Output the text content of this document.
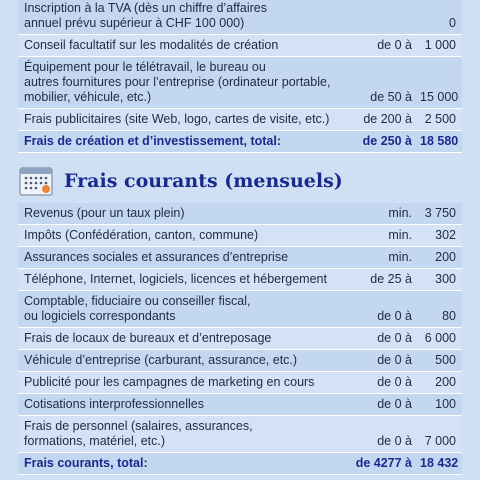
Inscription à la TVA (dès un chiffre d’affaires
annuel prévu supérieur à CHF 100 000)	0
Conseil facultatif sur les modalités de création	de 0 à	1 000
Équipement pour le télétravail, le bureau ou
autres fournitures pour l’entreprise (ordinateur portable,
mobilier, véhicule, etc.)	de 50 à 15 000
Frais publicitaires (site Web, logo, cartes de visite, etc.)	de 200 à	2 500
Frais de création et d’investissement, total:	de 250 à 18 580
Frais courants (mensuels)
Revenus (pour un taux plein)	min.	3 750
Impôts (Confédération, canton, commune)	min.	302
Assurances sociales et assurances d’entreprise	min.	200
Téléphone, Internet, logiciels, licences et hébergement	de 25 à	300
Comptable, fiduciaire ou conseiller fiscal,
ou logiciels correspondants	de 0 à	80
Frais de locaux de bureaux et d’entreposage	de 0 à	6 000
Véhicule d’entreprise (carburant, assurance, etc.)	de 0 à	500
Publicité pour les campagnes de marketing en cours	de 0 à	200
Cotisations interprofessionnelles	de 0 à	100
Frais de personnel (salaires, assurances,
formations, matériel, etc.)	de 0 à	7 000
Frais courants, total:	de 4277 à 18 432
